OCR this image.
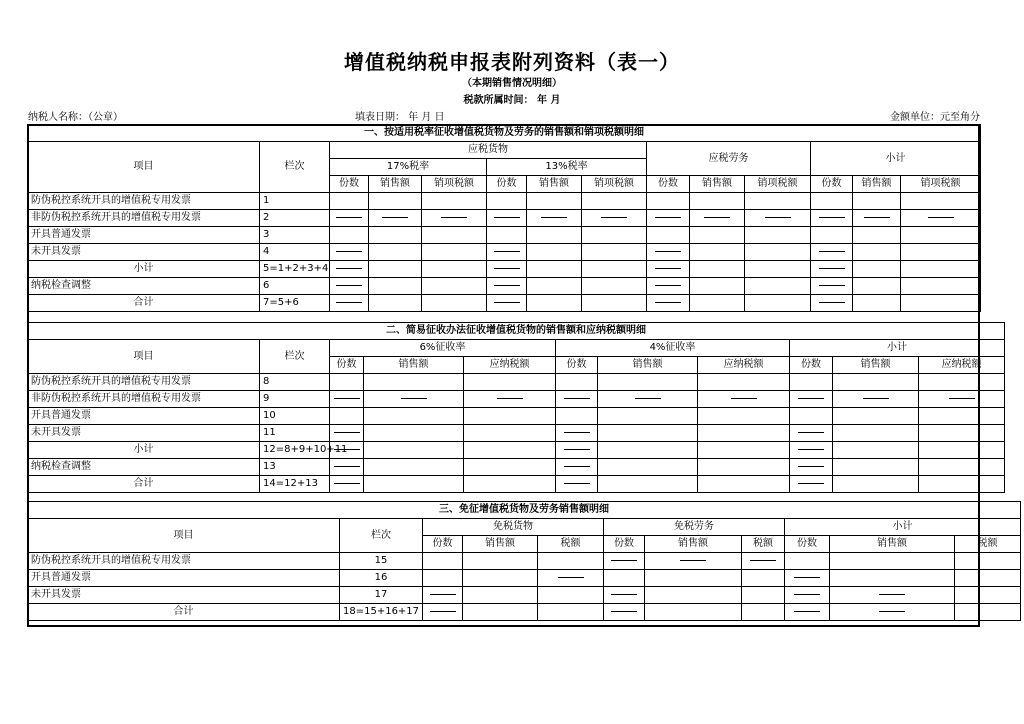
增值税纳税申报表附列资料（表一）
（本期销售情况明细）
税款所属时间： 年 月
纳税人名称：（公章）	填表日期： 年 月 日	金额单位：元至角分
一、按适用税率征收增值税货物及劳务的销售额和销项税额明细													
项目	栏次	应税货物						应税劳务			小计		
		17%税率			13%税率								
		份数	销售额	销项税额	份数	销售额	销项税额	份数	销售额	销项税额	份数	销售额	销项税额
防伪税控系统开具的增值税专用发票	1												
非防伪税控系统开具的增值税专用发票	2												
开具普通发票	3												
未开具发票	4												
小计	5=1+2+3+4												
纳税检查调整	6												
合计	7=5+6												
二、简易征收办法征收增值税货物的销售额和应纳税额明细										
项目	栏次	6%征收率			4%征收率			小计		
		份数	销售额	应纳税额	份数	销售额	应纳税额	份数	销售额	应纳税额
防伪税控系统开具的增值税专用发票	8									
非防伪税控系统开具的增值税专用发票	9									
开具普通发票	10									
未开具发票	11									
小计	12=8+9+10+11									
纳税检查调整	13									
合计	14=12+13									
三、免征增值税货物及劳务销售额明细											
项目	栏次	免税货物			免税劳务			小计			
		份数	销售额	税额	份数	销售额	税额	份数	销售额	税额	
防伪税控系统开具的增值税专用发票	15										
开具普通发票	16										
未开具发票	17										
合计	18=15+16+17										
